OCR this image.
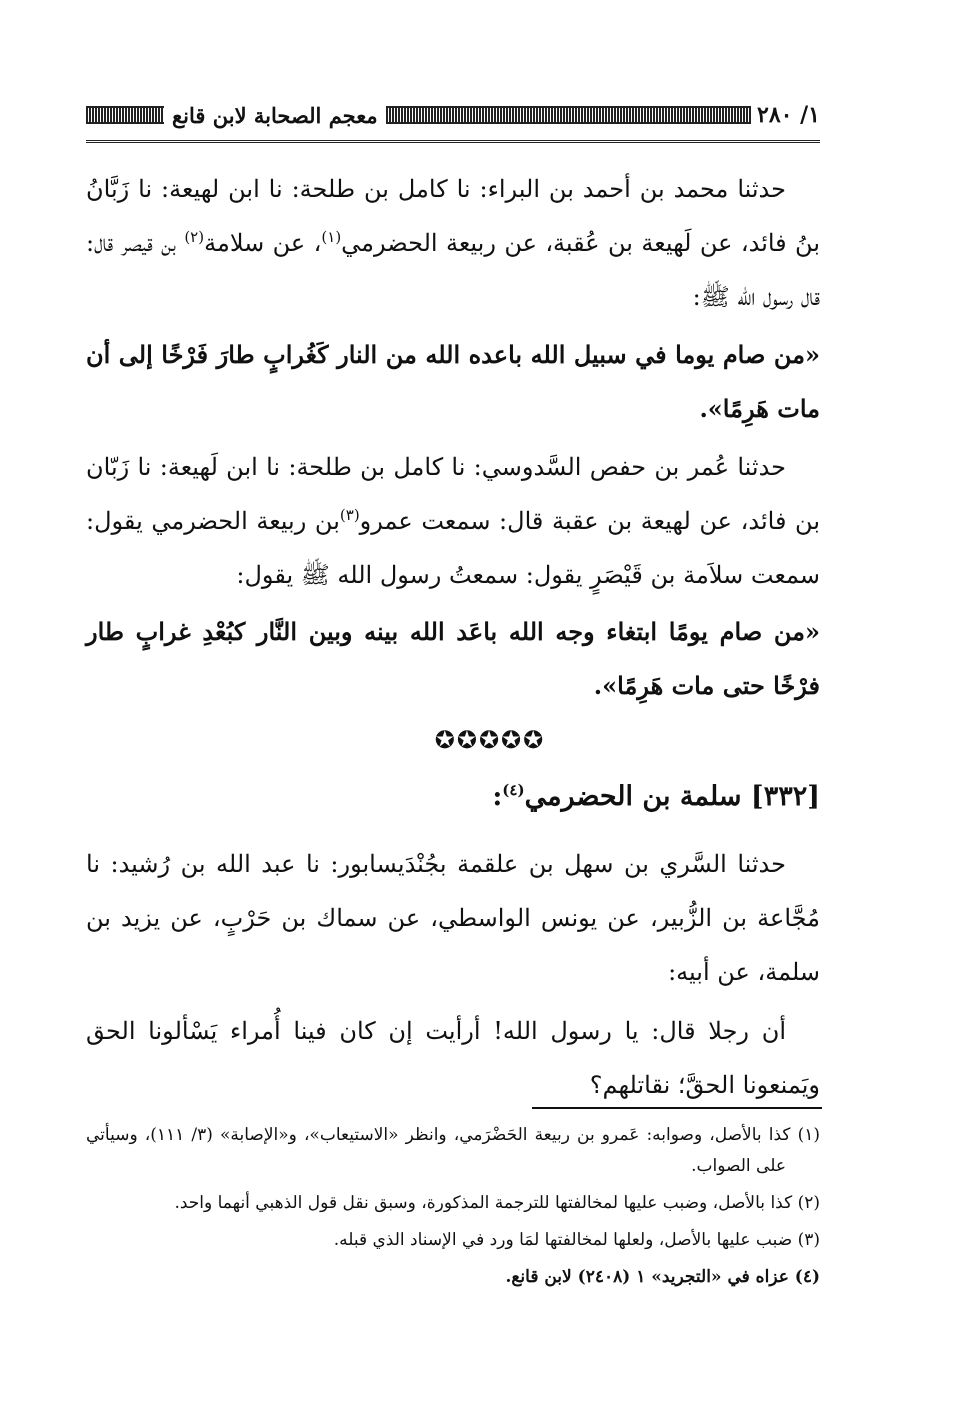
١/ ٢٨٠
معجم الصحابة لابن قانع

حدثنا محمد بن أحمد بن البراء: نا كامل بن طلحة: نا ابن لهيعة: نا زَبَّانُ بنُ فائد، عن لَهيعة بن عُقبة، عن ربيعة الحضرمي$^{(١)}$، عن سلامة$^{(٢)}$ بن قيصر قال: قال رسول الله ﷺ:

«من صام يوما في سبيل الله باعده الله من النار كَغُرابٍ طارَ فَرْخًا إلى أن مات هَرِمًا».

حدثنا عُمر بن حفص السَّدوسي: نا كامل بن طلحة: نا ابن لَهيعة: نا زَبّان بن فائد، عن لهيعة بن عقبة قال: سمعت عمرو$^{(٣)}$بن ربيعة الحضرمي يقول: سمعت سلاَمة بن قَيْصَرٍ يقول: سمعتُ رسول الله ﷺ يقول:

«من صام يومًا ابتغاء وجه الله باعَد الله بينه وبين النَّار كبُعْدِ غرابٍ طار فرْخًا حتى مات هَرِمًا».

✪✪✪✪✪
[٣٣٢] سلمة بن الحضرمي$^{(٤)}$:

حدثنا السَّري بن سهل بن علقمة بجُنْدَيسابور: نا عبد الله بن رُشيد: نا مُجَّاعة بن الزُّبير، عن يونس الواسطي، عن سماك بن حَرْبٍ، عن يزيد بن سلمة، عن أبيه:

أن رجلا قال: يا رسول الله! أرأيت إن كان فينا أُمراء يَسْألونا الحق ويَمنعونا الحقَّ؛ نقاتلهم؟

(١) كذا بالأصل، وصوابه: عَمرو بن ربيعة الحَضْرَمي، وانظر «الاستيعاب»، و«الإصابة» (٣/ ١١١)، وسيأتي على الصواب.

(٢) كذا بالأصل، وضبب عليها لمخالفتها للترجمة المذكورة، وسبق نقل قول الذهبي أنهما واحد.

(٣) ضبب عليها بالأصل، ولعلها لمخالفتها لمَا ورد في الإسناد الذي قبله.

(٤) عزاه في «التجريد» ١ (٢٤٠٨) لابن قانع.
